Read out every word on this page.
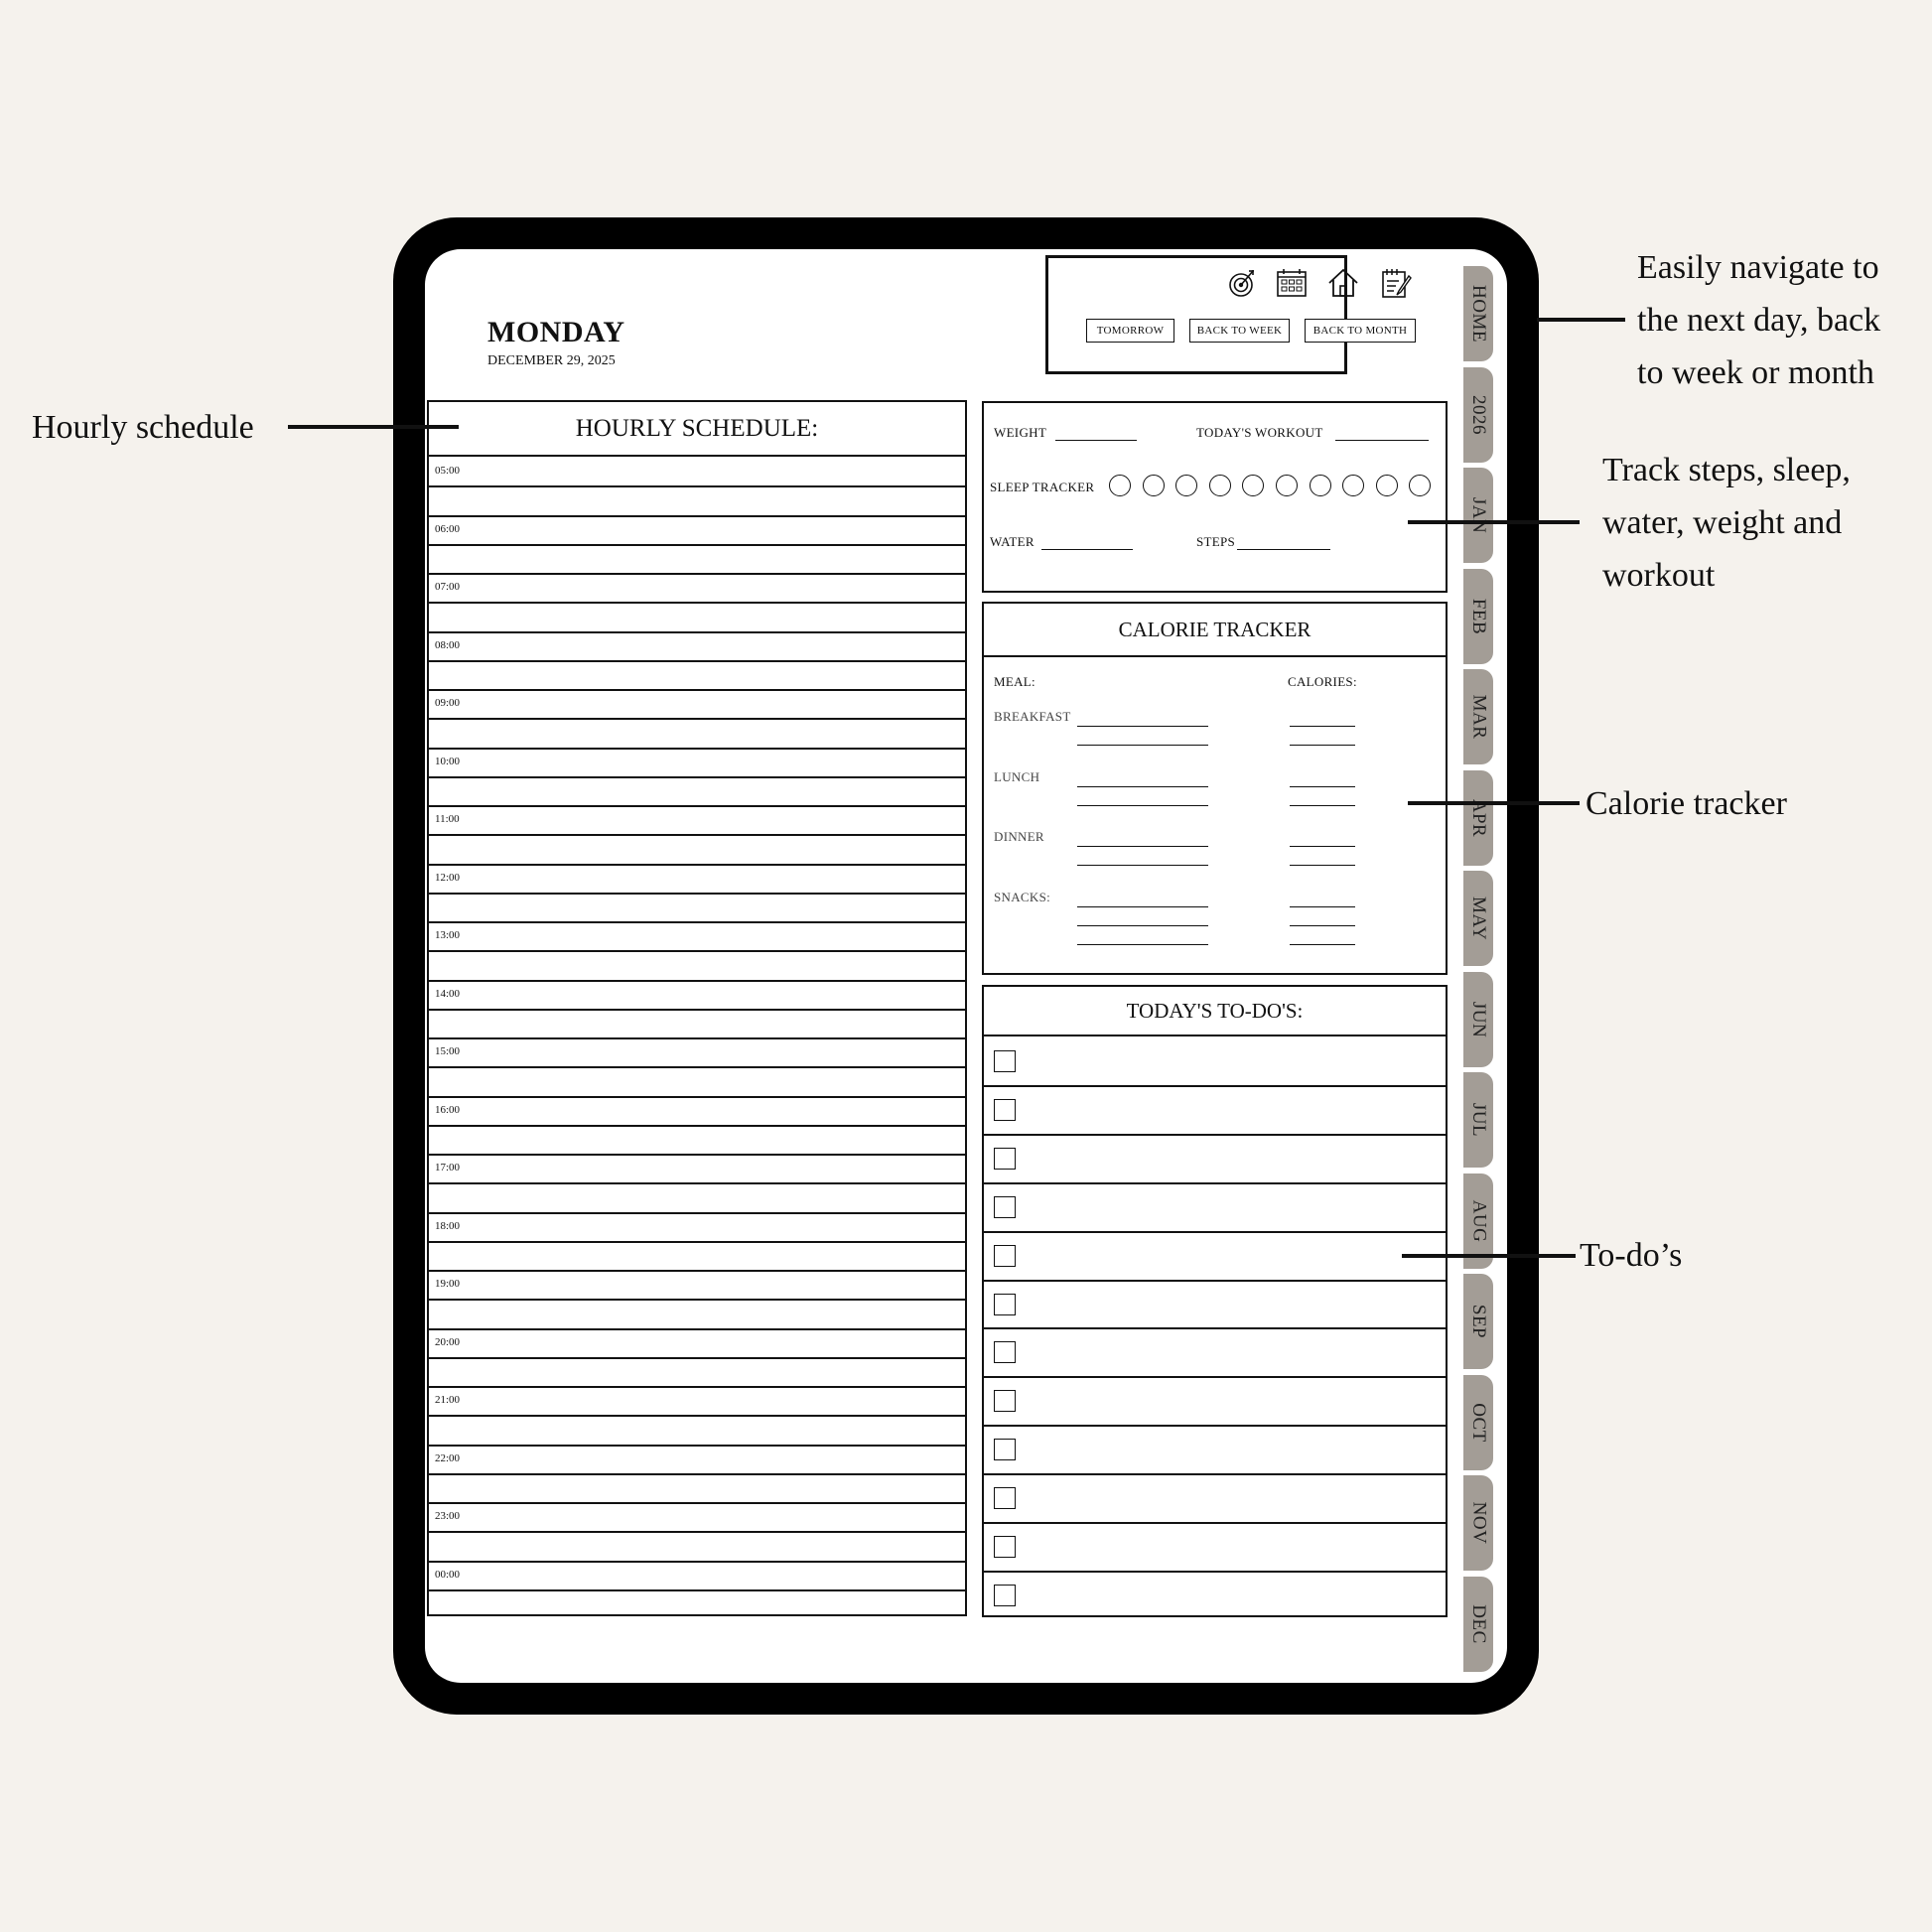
MONDAY
DECEMBER 29, 2025
TOMORROW	BACK TO WEEK	BACK TO MONTH
HOURLY SCHEDULE:
05:00
06:00
07:00
08:00
09:00
10:00
11:00
12:00
13:00
14:00
15:00
16:00
17:00
18:00
19:00
20:00
21:00
22:00
23:00
00:00
WEIGHT	TODAY'S WORKOUT
SLEEP TRACKER
WATER	STEPS
CALORIE TRACKER
MEAL:	CALORIES:
BREAKFAST
LUNCH
DINNER
SNACKS:
TODAY'S TO-DO'S:
HOME
2026
JAN
FEB
MAR
APR
MAY
JUN
JUL
AUG
SEP
OCT
NOV
DEC
Easily navigate to
the next day, back
to week or month
Hourly schedule
Track steps, sleep,
water, weight and
workout
Calorie tracker
To-do’s
